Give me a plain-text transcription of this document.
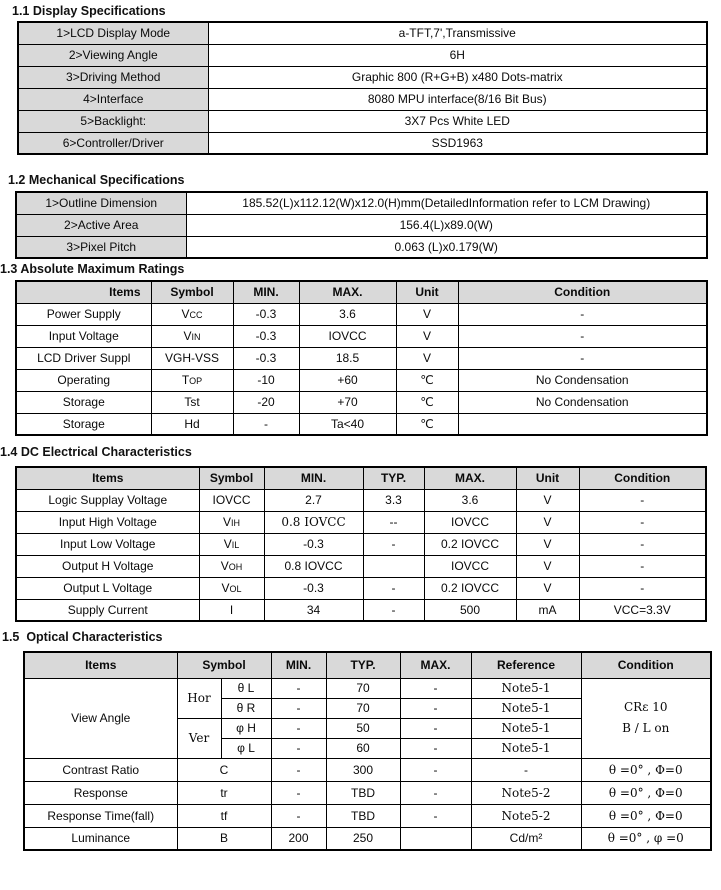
1.1 Display Specifications
1>LCD Display Mode	a-TFT,7',Transmissive
2>Viewing Angle	6H
3>Driving Method	Graphic 800 (R+G+B) x480 Dots-matrix
4>Interface	8080 MPU interface(8/16 Bit Bus)
5>Backlight:	3X7 Pcs White LED
6>Controller/Driver	SSD1963
1.2 Mechanical Specifications
1>Outline Dimension	185.52(L)x112.12(W)x12.0(H)mm(DetailedInformation refer to LCM Drawing)
2>Active Area	156.4(L)x89.0(W)
3>Pixel Pitch	0.063 (L)x0.179(W)
1.3 Absolute Maximum Ratings
Items	Symbol	MIN.	MAX.	Unit	Condition
Power Supply	VCC	-0.3	3.6	V	-
Input Voltage	VIN	-0.3	IOVCC	V	-
LCD Driver Suppl	VGH-VSS	-0.3	18.5	V	-
Operating	TOP	-10	+60	℃	No Condensation
Storage	Tst	-20	+70	℃	No Condensation
Storage	Hd	-	Ta<40	℃	
1.4 DC Electrical Characteristics
Items	Symbol	MIN.	TYP.	MAX.	Unit	Condition
Logic Supplay Voltage	IOVCC	2.7	3.3	3.6	V	-
Input High Voltage	VIH	0.8 IOVCC	--	IOVCC	V	-
Input Low Voltage	VIL	-0.3	-	0.2 IOVCC	V	-
Output H Voltage	VOH	0.8 IOVCC		IOVCC	V	-
Output L Voltage	VOL	-0.3	-	0.2 IOVCC	V	-
Supply Current	I	34	-	500	mA	VCC=3.3V
1.5  Optical Characteristics
Items	Symbol		MIN.	TYP.	MAX.	Reference	Condition
View Angle	Hor	θ L	-	70	-	Note5-1	CRε 10
B / L on

		θ R	-	70	-	Note5-1	
	Ver	φ H	-	50	-	Note5-1	
		φ L	-	60	-	Note5-1	
Contrast Ratio	C		-	300	-	-	θ =0° , Φ=0
Response	tr		-	TBD	-	Note5-2	θ =0° , Φ=0
Response Time(fall)	tf		-	TBD	-	Note5-2	θ =0° , Φ=0
Luminance	B		200	250		Cd/m²	θ =0° , φ =0
